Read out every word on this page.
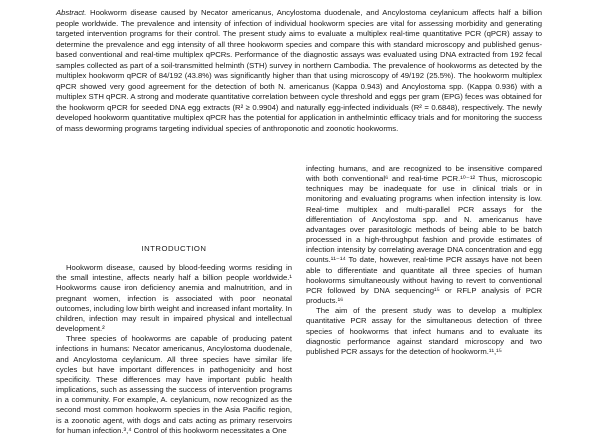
Abstract. Hookworm disease caused by Necator americanus, Ancylostoma duodenale, and Ancylostoma ceylanicum affects half a billion people worldwide. The prevalence and intensity of infection of individual hookworm species are vital for assessing morbidity and generating targeted intervention programs for their control. The present study aims to evaluate a multiplex real-time quantitative PCR (qPCR) assay to determine the prevalence and egg intensity of all three hookworm species and compare this with standard microscopy and published genus-based conventional and real-time multiplex qPCRs. Performance of the diagnostic assays was evaluated using DNA extracted from 192 fecal samples collected as part of a soil-transmitted helminth (STH) survey in northern Cambodia. The prevalence of hookworms as detected by the multiplex hookworm qPCR of 84/192 (43.8%) was significantly higher than that using microscopy of 49/192 (25.5%). The hookworm multiplex qPCR showed very good agreement for the detection of both N. americanus (Kappa 0.943) and Ancylostoma spp. (Kappa 0.936) with a multiplex STH qPCR. A strong and moderate quantitative correlation between cycle threshold and eggs per gram (EPG) feces was obtained for the hookworm qPCR for seeded DNA egg extracts (R² ≥ 0.9904) and naturally egg-infected individuals (R² = 0.6848), respectively. The newly developed hookworm quantitative multiplex qPCR has the potential for application in anthelmintic efficacy trials and for monitoring the success of mass deworming programs targeting individual species of anthroponotic and zoonotic hookworms.

INTRODUCTION

Hookworm disease, caused by blood-feeding worms residing in the small intestine, affects nearly half a billion people worldwide.¹ Hookworms cause iron deficiency anemia and malnutrition, and in pregnant women, infection is associated with poor neonatal outcomes, including low birth weight and increased infant mortality. In children, infection may result in impaired physical and intellectual development.²

Three species of hookworms are capable of producing patent infections in humans: Necator americanus, Ancylostoma duodenale, and Ancylostoma ceylanicum. All three species have similar life cycles but have important differences in pathogenicity and host specificity. These differences may have important public health implications, such as assessing the success of intervention programs in a community. For example, A. ceylanicum, now recognized as the second most common hookworm species in the Asia Pacific region, is a zoonotic agent, with dogs and cats acting as primary reservoirs for human infection.³,⁴ Control of this hookworm necessitates a One

infecting humans, and are recognized to be insensitive compared with both conventional⁶ and real-time PCR.¹⁰⁻¹² Thus, microscopic techniques may be inadequate for use in clinical trials or in monitoring and evaluating programs when infection intensity is low. Real-time multiplex and multi-parallel PCR assays for the differentiation of Ancylostoma spp. and N. americanus have advantages over parasitologic methods of being able to be batch processed in a high-throughput fashion and provide estimates of infection intensity by correlating average DNA concentration and egg counts.¹¹⁻¹⁴ To date, however, real-time PCR assays have not been able to differentiate and quantitate all three species of human hookworms simultaneously without having to revert to conventional PCR followed by DNA sequencing¹⁵ or RFLP analysis of PCR products.¹⁶

The aim of the present study was to develop a multiplex quantitative PCR assay for the simultaneous detection of three species of hookworms that infect humans and to evaluate its diagnostic performance against standard microscopy and two published PCR assays for the detection of hookworm.¹¹,¹⁵
